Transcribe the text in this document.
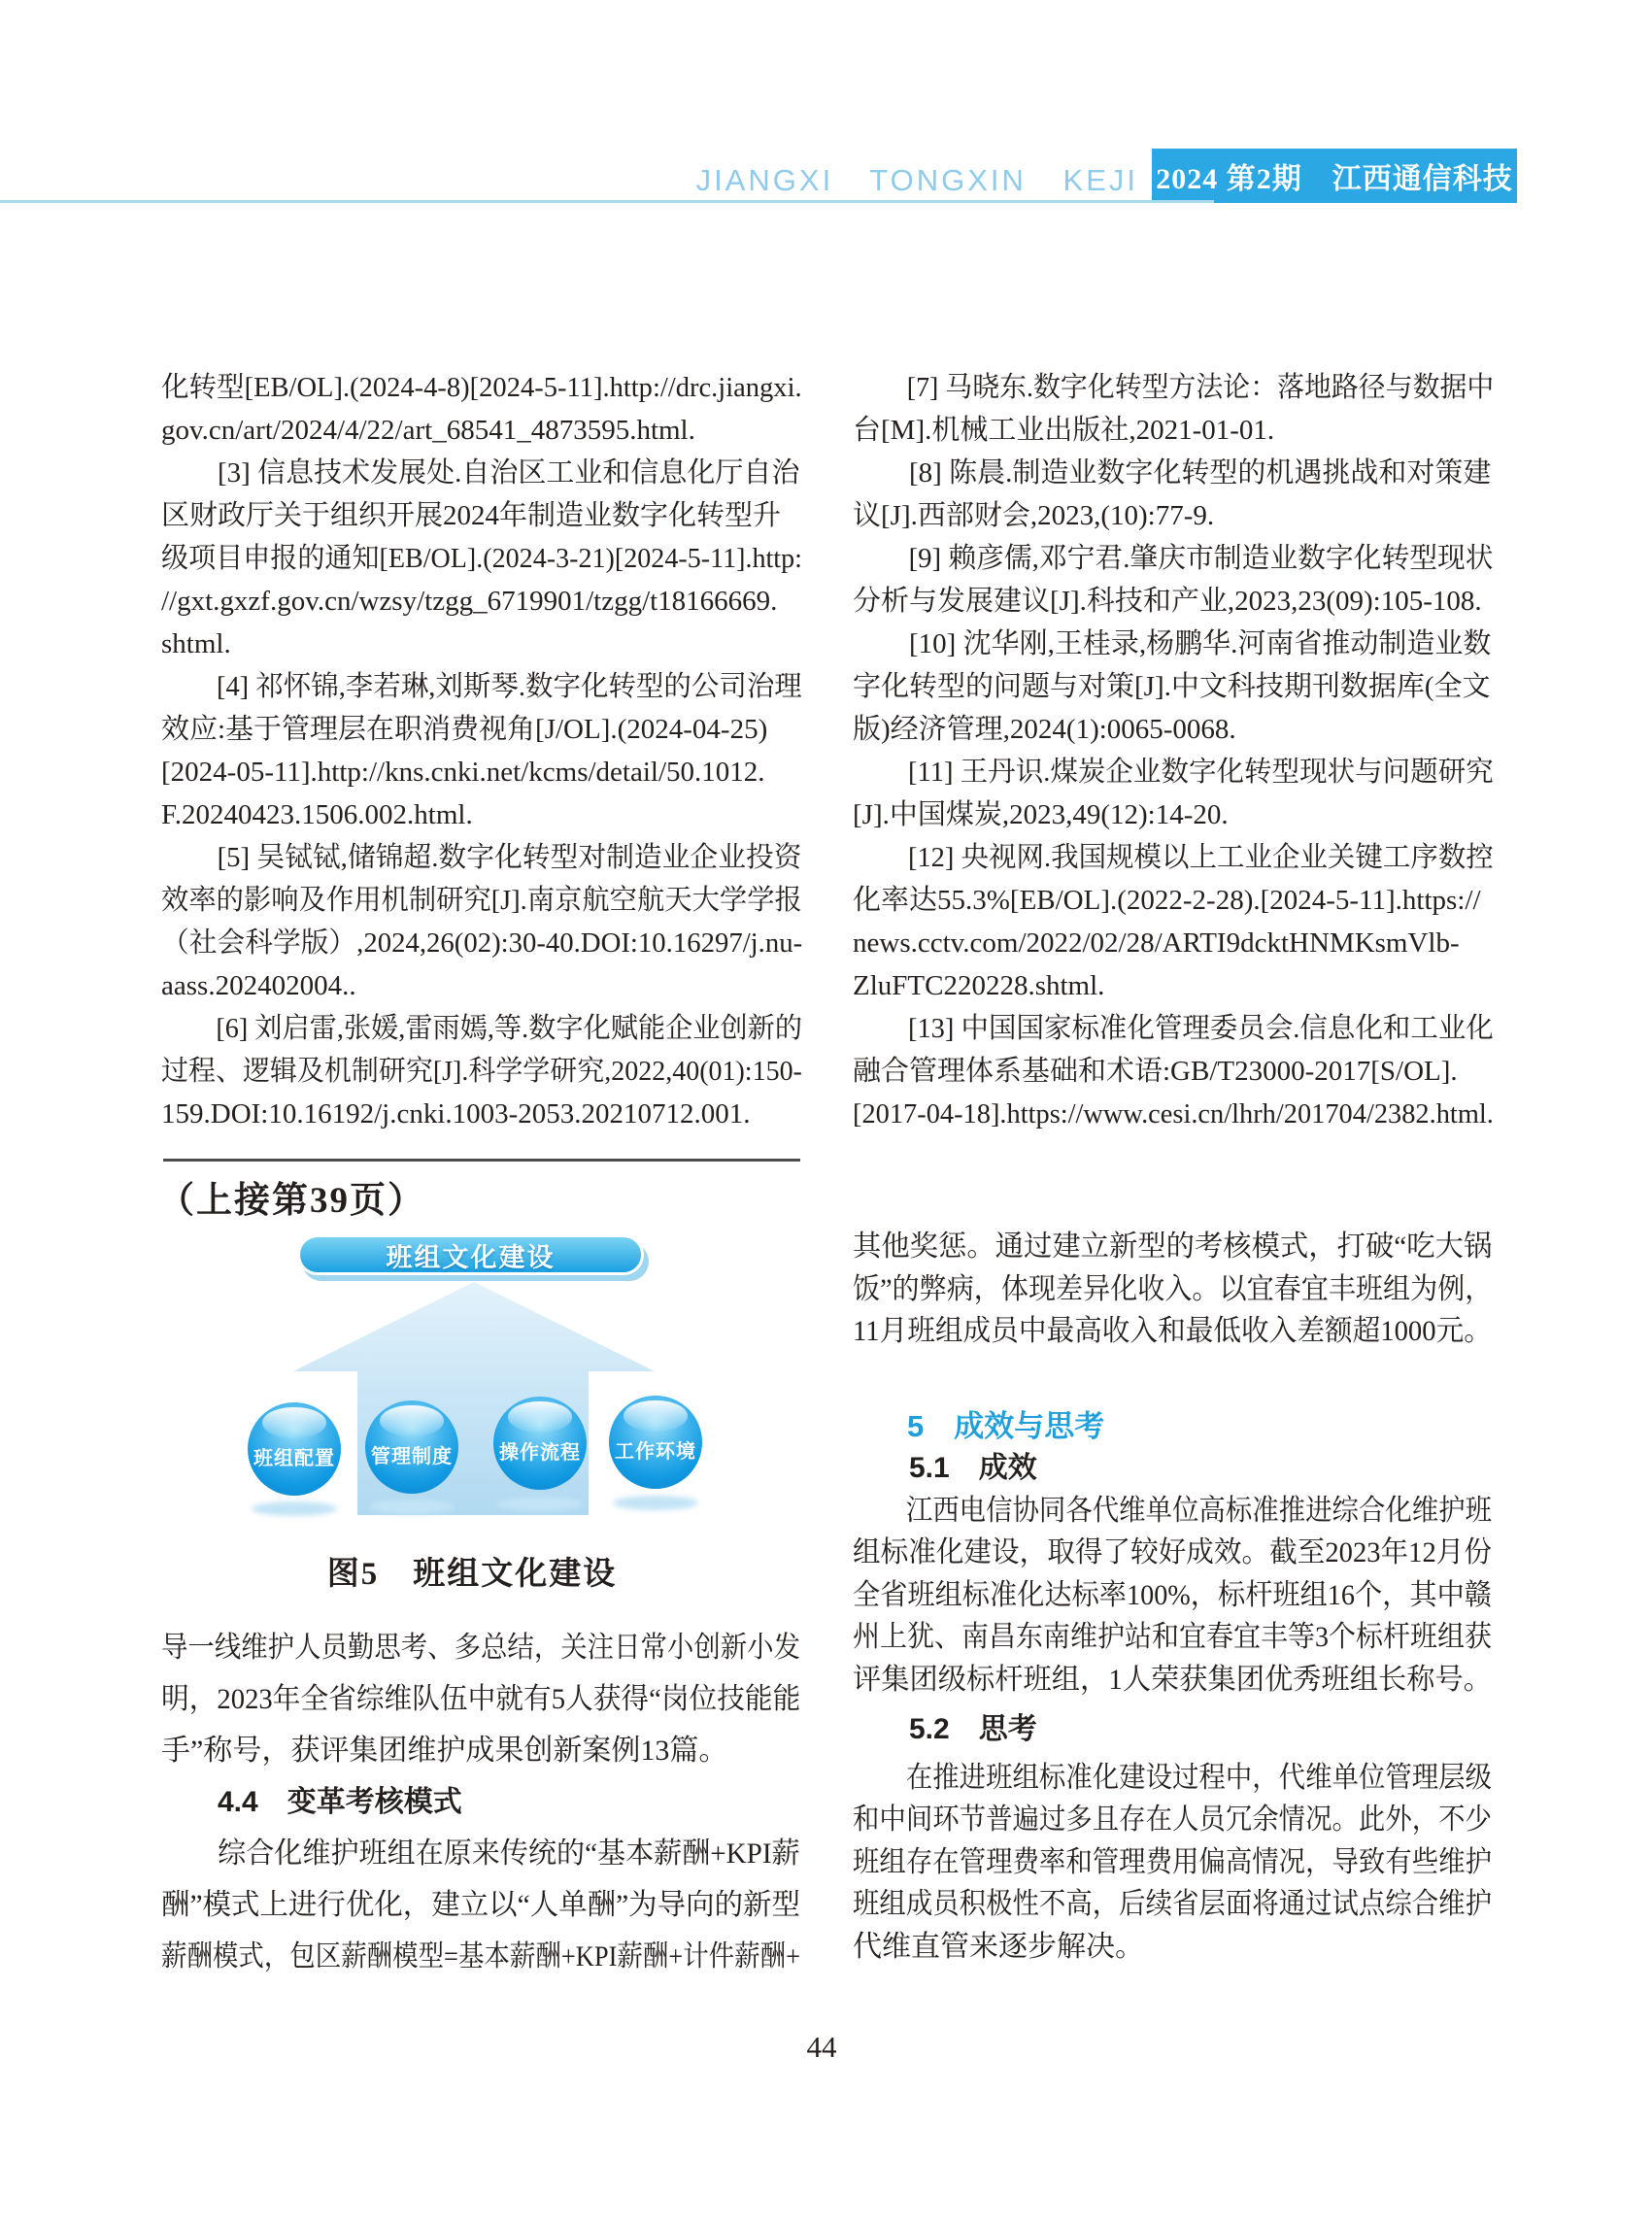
JIANGXI TONGXIN KEJI 2024 第2期　江西通信科技
化转型[EB/OL].(2024-4-8)[2024-5-11].http://drc.jiangxi.
gov.cn/art/2024/4/22/art_68541_4873595.html.
　　[3] 信息技术发展处.自治区工业和信息化厅自治
区财政厅关于组织开展2024年制造业数字化转型升
级项目申报的通知[EB/OL].(2024-3-21)[2024-5-11].http:
//gxt.gxzf.gov.cn/wzsy/tzgg_6719901/tzgg/t18166669.
shtml.
　　[4] 祁怀锦,李若琳,刘斯琴.数字化转型的公司治理
效应:基于管理层在职消费视角[J/OL].(2024-04-25)
[2024-05-11].http://kns.cnki.net/kcms/detail/50.1012.
F.20240423.1506.002.html.
　　[5] 吴铽铽,储锦超.数字化转型对制造业企业投资
效率的影响及作用机制研究[J].南京航空航天大学学报
（社会科学版）,2024,26(02):30-40.DOI:10.16297/j.nu-
aass.202402004..
　　[6] 刘启雷,张媛,雷雨嫣,等.数字化赋能企业创新的
过程、逻辑及机制研究[J].科学学研究,2022,40(01):150-
159.DOI:10.16192/j.cnki.1003-2053.20210712.001.
　　[7] 马晓东.数字化转型方法论：落地路径与数据中
台[M].机械工业出版社,2021-01-01.
　　[8] 陈晨.制造业数字化转型的机遇挑战和对策建
议[J].西部财会,2023,(10):77-9.
　　[9] 赖彦儒,邓宁君.肇庆市制造业数字化转型现状
分析与发展建议[J].科技和产业,2023,23(09):105-108.
　　[10] 沈华刚,王桂录,杨鹏华.河南省推动制造业数
字化转型的问题与对策[J].中文科技期刊数据库(全文
版)经济管理,2024(1):0065-0068.
　　[11] 王丹识.煤炭企业数字化转型现状与问题研究
[J].中国煤炭,2023,49(12):14-20.
　　[12] 央视网.我国规模以上工业企业关键工序数控
化率达55.3%[EB/OL].(2022-2-28).[2024-5-11].https://
news.cctv.com/2022/02/28/ARTI9dcktHNMKsmVlb-
ZluFTC220228.shtml.
　　[13] 中国国家标准化管理委员会.信息化和工业化
融合管理体系基础和术语:GB/T23000-2017[S/OL].
[2017-04-18].https://www.cesi.cn/lhrh/201704/2382.html.
（上接第39页）
班组文化建设
班组配置 管理制度 操作流程 工作环境
图5　班组文化建设
导一线维护人员勤思考、多总结，关注日常小创新小发
明，2023年全省综维队伍中就有5人获得“岗位技能能
手”称号，获评集团维护成果创新案例13篇。
4.4　变革考核模式
　　综合化维护班组在原来传统的“基本薪酬+KPI薪
酬”模式上进行优化，建立以“人单酬”为导向的新型
薪酬模式，包区薪酬模型=基本薪酬+KPI薪酬+计件薪酬+
其他奖惩。通过建立新型的考核模式，打破“吃大锅
饭”的弊病，体现差异化收入。以宜春宜丰班组为例，
11月班组成员中最高收入和最低收入差额超1000元。
5　成效与思考
5.1　成效
　　江西电信协同各代维单位高标准推进综合化维护班
组标准化建设，取得了较好成效。截至2023年12月份
全省班组标准化达标率100%，标杆班组16个，其中赣
州上犹、南昌东南维护站和宜春宜丰等3个标杆班组获
评集团级标杆班组，1人荣获集团优秀班组长称号。
5.2　思考
　　在推进班组标准化建设过程中，代维单位管理层级
和中间环节普遍过多且存在人员冗余情况。此外，不少
班组存在管理费率和管理费用偏高情况，导致有些维护
班组成员积极性不高，后续省层面将通过试点综合维护
代维直管来逐步解决。
44
